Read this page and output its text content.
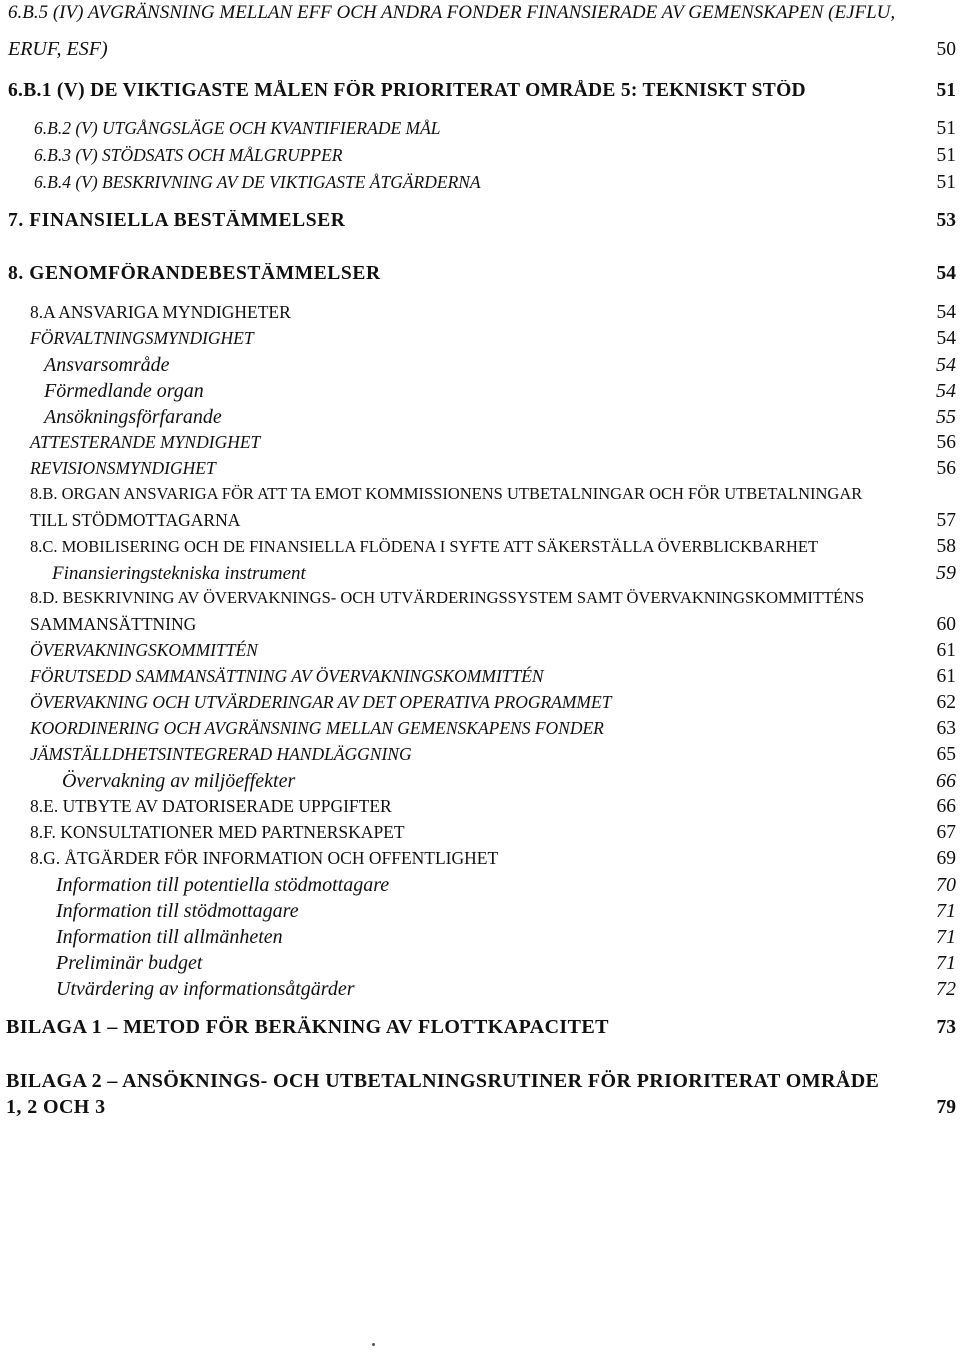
6.B.5 (IV) AVGRÄNSNING MELLAN EFF OCH ANDRA FONDER FINANSIERADE AV GEMENSKAPEN (EJFLU,
ERUF, ESF)	50
6.B.1 (V) DE VIKTIGASTE MÅLEN FÖR PRIORITERAT OMRÅDE 5: TEKNISKT STÖD	51
6.B.2 (V) UTGÅNGSLÄGE OCH KVANTIFIERADE MÅL	51
6.B.3 (V) STÖDSATS OCH MÅLGRUPPER	51
6.B.4 (V) BESKRIVNING AV DE VIKTIGASTE ÅTGÄRDERNA	51
7. FINANSIELLA BESTÄMMELSER	53
8. GENOMFÖRANDEBESTÄMMELSER	54
8.A ANSVARIGA MYNDIGHETER	54
FÖRVALTNINGSMYNDIGHET	54
Ansvarsområde	54
Förmedlande organ	54
Ansökningsförfarande	55
ATTESTERANDE MYNDIGHET	56
REVISIONSMYNDIGHET	56
8.B. ORGAN ANSVARIGA FÖR ATT TA EMOT KOMMISSIONENS UTBETALNINGAR OCH FÖR UTBETALNINGAR
TILL STÖDMOTTAGARNA	57
8.C. MOBILISERING OCH DE FINANSIELLA FLÖDENA I SYFTE ATT SÄKERSTÄLLA ÖVERBLICKBARHET	58
Finansieringstekniska instrument	59
8.D. BESKRIVNING AV ÖVERVAKNINGS- OCH UTVÄRDERINGSSYSTEM SAMT ÖVERVAKNINGSKOMMITTÉNS
SAMMANSÄTTNING	60
ÖVERVAKNINGSKOMMITTÉN	61
FÖRUTSEDD SAMMANSÄTTNING AV ÖVERVAKNINGSKOMMITTÉN	61
ÖVERVAKNING OCH UTVÄRDERINGAR AV DET OPERATIVA PROGRAMMET	62
KOORDINERING OCH AVGRÄNSNING MELLAN GEMENSKAPENS FONDER	63
JÄMSTÄLLDHETSINTEGRERAD HANDLÄGGNING	65
Övervakning av miljöeffekter	66
8.E. UTBYTE AV DATORISERADE UPPGIFTER	66
8.F. KONSULTATIONER MED PARTNERSKAPET	67
8.G. ÅTGÄRDER FÖR INFORMATION OCH OFFENTLIGHET	69
Information till potentiella stödmottagare	70
Information till stödmottagare	71
Information till allmänheten	71
Preliminär budget	71
Utvärdering av informationsåtgärder	72
BILAGA 1 – METOD FÖR BERÄKNING AV FLOTTKAPACITET	73
BILAGA 2 – ANSÖKNINGS- OCH UTBETALNINGSRUTINER FÖR PRIORITERAT OMRÅDE
1, 2 OCH 3	79
